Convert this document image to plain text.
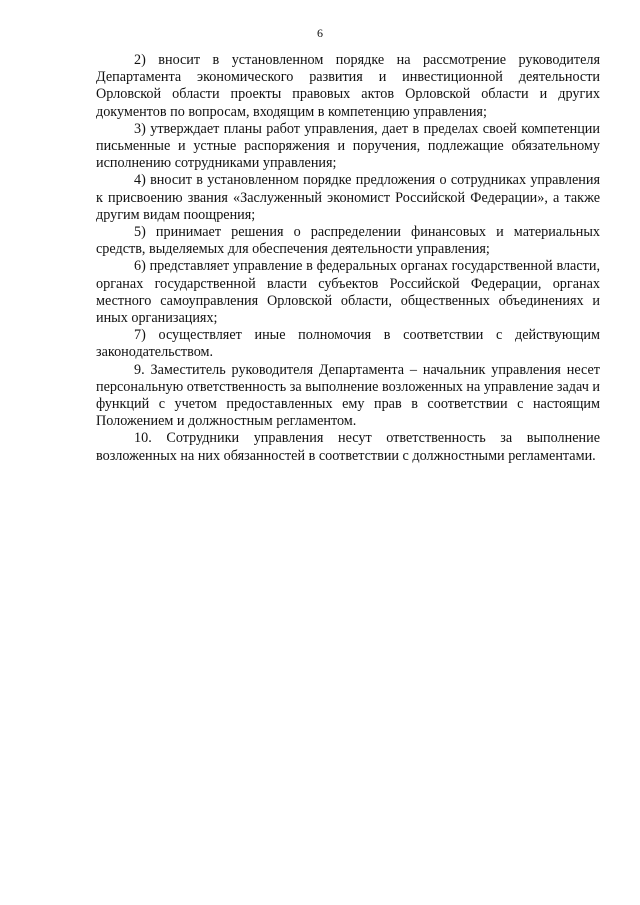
6

2) вносит в установленном порядке на рассмотрение руководителя Департамента экономического развития и инвестиционной деятельности Орловской области проекты правовых актов Орловской области и других документов по вопросам, входящим в компетенцию управления;

3) утверждает планы работ управления, дает в пределах своей компетенции письменные и устные распоряжения и поручения, подлежащие обязательному исполнению сотрудниками управления;

4) вносит в установленном порядке предложения о сотрудниках управления к присвоению звания «Заслуженный экономист Российской Федерации», а также другим видам поощрения;

5) принимает решения о распределении финансовых и материальных средств, выделяемых для обеспечения деятельности управления;

6) представляет управление в федеральных органах государственной власти, органах государственной власти субъектов Российской Федерации, органах местного самоуправления Орловской области, общественных объединениях и иных организациях;

7) осуществляет иные полномочия в соответствии с действующим законодательством.

9. Заместитель руководителя Департамента – начальник управления несет персональную ответственность за выполнение возложенных на управление задач и функций с учетом предоставленных ему прав в соответствии с настоящим Положением и должностным регламентом.

10. Сотрудники управления несут ответственность за выполнение возложенных на них обязанностей в соответствии с должностными регламентами.
